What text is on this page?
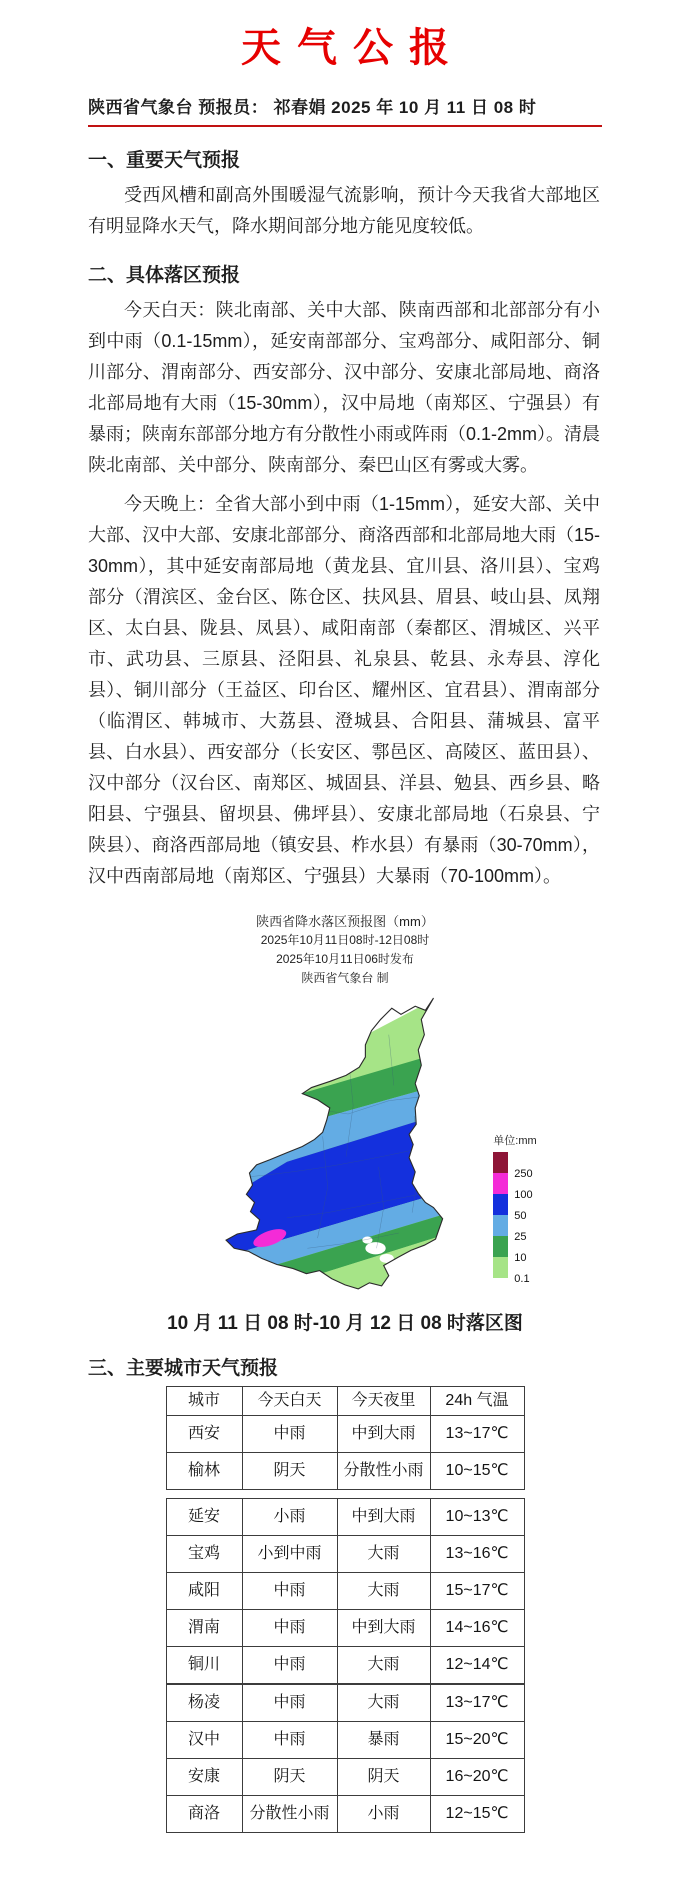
天气公报
陕西省气象台 预报员： 祁春娟 2025 年 10 月 11 日 08 时
一、重要天气预报

受西风槽和副高外围暖湿气流影响，预计今天我省大部地区有明显降水天气，降水期间部分地方能见度较低。

二、具体落区预报

今天白天：陕北南部、关中大部、陕南西部和北部部分有小到中雨（0.1-15mm），延安南部部分、宝鸡部分、咸阳部分、铜川部分、渭南部分、西安部分、汉中部分、安康北部局地、商洛北部局地有大雨（15-30mm），汉中局地（南郑区、宁强县）有暴雨；陕南东部部分地方有分散性小雨或阵雨（0.1-2mm）。清晨陕北南部、关中部分、陕南部分、秦巴山区有雾或大雾。

今天晚上：全省大部小到中雨（1-15mm），延安大部、关中大部、汉中大部、安康北部部分、商洛西部和北部局地大雨（15-30mm），其中延安南部局地（黄龙县、宜川县、洛川县）、宝鸡部分（渭滨区、金台区、陈仓区、扶风县、眉县、岐山县、凤翔区、太白县、陇县、凤县）、咸阳南部（秦都区、渭城区、兴平市、武功县、三原县、泾阳县、礼泉县、乾县、永寿县、淳化县）、铜川部分（王益区、印台区、耀州区、宜君县）、渭南部分（临渭区、韩城市、大荔县、澄城县、合阳县、蒲城县、富平县、白水县）、西安部分（长安区、鄠邑区、高陵区、蓝田县）、汉中部分（汉台区、南郑区、城固县、洋县、勉县、西乡县、略阳县、宁强县、留坝县、佛坪县）、安康北部局地（石泉县、宁陕县）、商洛西部局地（镇安县、柞水县）有暴雨（30-70mm），汉中西南部局地（南郑区、宁强县）大暴雨（70-100mm）。

陕西省降水落区预报图（mm）
2025年10月11日08时-12日08时
2025年10月11日06时发布
陕西省气象台 制
单位:mm
250
100
50
25
10
0.1
10 月 11 日 08 时-10 月 12 日 08 时落区图
三、主要城市天气预报
城市	今天白天	今天夜里	24h 气温
西安	中雨	中到大雨	13~17℃
榆林	阴天	分散性小雨	10~15℃
延安	小雨	中到大雨	10~13℃
宝鸡	小到中雨	大雨	13~16℃
咸阳	中雨	大雨	15~17℃
渭南	中雨	中到大雨	14~16℃
铜川	中雨	大雨	12~14℃
杨凌	中雨	大雨	13~17℃
汉中	中雨	暴雨	15~20℃
安康	阴天	阴天	16~20℃
商洛	分散性小雨	小雨	12~15℃
